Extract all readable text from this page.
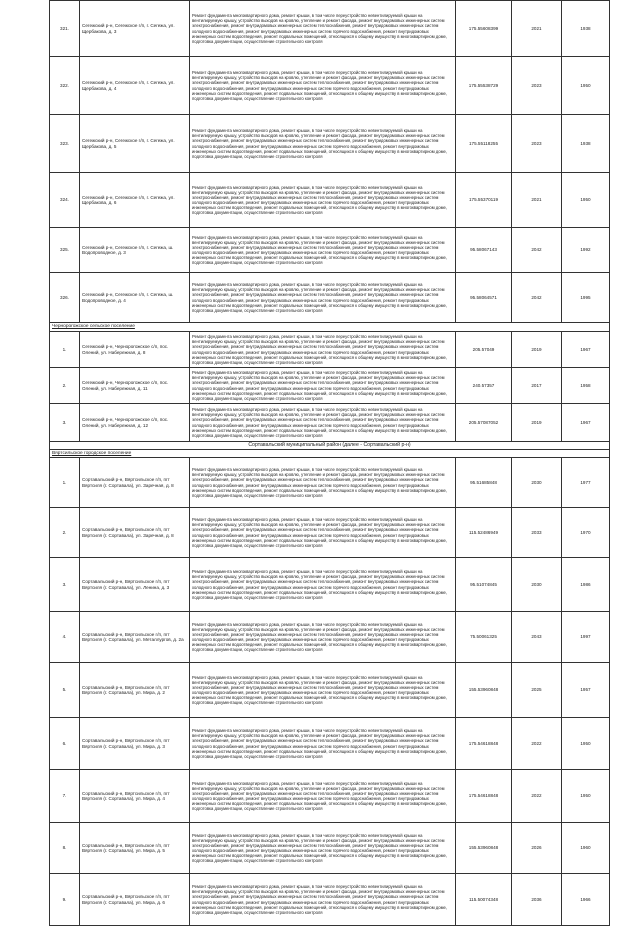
321.	Сегежский р-н, Сегежское г/п, г. Сегежа, ул. Щербакова, д. 3	Ремонт фундамента многоквартирного дома, ремонт крыши, в том числе переустройство невентилируемой крыши на вентилируемую крышу, устройство выходов на кровлю, утепление и ремонт фасада, ремонт внутридомовых инженерных систем электроснабжения, ремонт внутридомовых инженерных систем теплоснабжения, ремонт внутридомовых инженерных систем холодного водоснабжения, ремонт внутридомовых инженерных систем горячего водоснабжения, ремонт внутридомовых инженерных систем водоотведения, ремонт подвальных помещений, относящихся к общему имуществу в многоквартирном доме, подготовка документации, осуществление строительного контроля	175.55608399	2021	1938
322.	Сегежский р-н, Сегежское г/п, г. Сегежа, ул. Щербакова, д. 4	Ремонт фундамента многоквартирного дома, ремонт крыши, в том числе переустройство невентилируемой крыши на вентилируемую крышу, устройство выходов на кровлю, утепление и ремонт фасада, ремонт внутридомовых инженерных систем электроснабжения, ремонт внутридомовых инженерных систем теплоснабжения, ремонт внутридомовых инженерных систем холодного водоснабжения, ремонт внутридомовых инженерных систем горячего водоснабжения, ремонт внутридомовых инженерных систем водоотведения, ремонт подвальных помещений, относящихся к общему имуществу в многоквартирном доме, подготовка документации, осуществление строительного контроля	175.55538729	2023	1950
323.	Сегежский р-н, Сегежское г/п, г. Сегежа, ул. Щербакова, д. 5	Ремонт фундамента многоквартирного дома, ремонт крыши, в том числе переустройство невентилируемой крыши на вентилируемую крышу, устройство выходов на кровлю, утепление и ремонт фасада, ремонт внутридомовых инженерных систем электроснабжения, ремонт внутридомовых инженерных систем теплоснабжения, ремонт внутридомовых инженерных систем холодного водоснабжения, ремонт внутридомовых инженерных систем горячего водоснабжения, ремонт внутридомовых инженерных систем водоотведения, ремонт подвальных помещений, относящихся к общему имуществу в многоквартирном доме, подготовка документации, осуществление строительного контроля	175.55118255	2023	1938
324.	Сегежский р-н, Сегежское г/п, г. Сегежа, ул. Щербакова, д. 6	Ремонт фундамента многоквартирного дома, ремонт крыши, в том числе переустройство невентилируемой крыши на вентилируемую крышу, устройство выходов на кровлю, утепление и ремонт фасада, ремонт внутридомовых инженерных систем электроснабжения, ремонт внутридомовых инженерных систем теплоснабжения, ремонт внутридомовых инженерных систем холодного водоснабжения, ремонт внутридомовых инженерных систем горячего водоснабжения, ремонт внутридомовых инженерных систем водоотведения, ремонт подвальных помещений, относящихся к общему имуществу в многоквартирном доме, подготовка документации, осуществление строительного контроля	175.55370119	2021	1950
325.	Сегежский р-н, Сегежское г/п, г. Сегежа, ш. Водопроводное, д. 3	Ремонт фундамента многоквартирного дома, ремонт крыши, в том числе переустройство невентилируемой крыши на вентилируемую крышу, устройство выходов на кровлю, утепление и ремонт фасада, ремонт внутридомовых инженерных систем электроснабжения, ремонт внутридомовых инженерных систем теплоснабжения, ремонт внутридомовых инженерных систем холодного водоснабжения, ремонт внутридомовых инженерных систем горячего водоснабжения, ремонт внутридомовых инженерных систем водоотведения, ремонт подвальных помещений, относящихся к общему имуществу в многоквартирном доме, подготовка документации, осуществление строительного контроля	95.58067143	2042	1992
326.	Сегежский р-н, Сегежское г/п, г. Сегежа, ш. Водопроводное, д. 4	Ремонт фундамента многоквартирного дома, ремонт крыши, в том числе переустройство невентилируемой крыши на вентилируемую крышу, устройство выходов на кровлю, утепление и ремонт фасада, ремонт внутридомовых инженерных систем электроснабжения, ремонт внутридомовых инженерных систем теплоснабжения, ремонт внутридомовых инженерных систем холодного водоснабжения, ремонт внутридомовых инженерных систем горячего водоснабжения, ремонт внутридомовых инженерных систем водоотведения, ремонт подвальных помещений, относящихся к общему имуществу в многоквартирном доме, подготовка документации, осуществление строительного контроля	95.58064571	2042	1995
Черноporожское сельское поселение					
1.	Сегежский р-н, Черноporожское с/п, пос. Олений, ул. Набережная, д. 8	Ремонт фундамента многоквартирного дома, ремонт крыши, в том числе переустройство невентилируемой крыши на вентилируемую крышу, устройство выходов на кровлю, утепление и ремонт фасада, ремонт внутридомовых инженерных систем электроснабжения, ремонт внутридомовых инженерных систем теплоснабжения, ремонт внутридомовых инженерных систем холодного водоснабжения, ремонт внутридомовых инженерных систем горячего водоснабжения, ремонт внутридомовых инженерных систем водоотведения, ремонт подвальных помещений, относящихся к общему имуществу в многоквартирном доме, подготовка документации, осуществление строительного контроля	205.57049	2019	1967
2.	Сегежский р-н, Черноporожское с/п, пос. Олений, ул. Набережная, д. 11	Ремонт фундамента многоквартирного дома, ремонт крыши, в том числе переустройство невентилируемой крыши на вентилируемую крышу, устройство выходов на кровлю, утепление и ремонт фасада, ремонт внутридомовых инженерных систем электроснабжения, ремонт внутридомовых инженерных систем теплоснабжения, ремонт внутридомовых инженерных систем холодного водоснабжения, ремонт внутридомовых инженерных систем горячего водоснабжения, ремонт внутридомовых инженерных систем водоотведения, ремонт подвальных помещений, относящихся к общему имуществу в многоквартирном доме, подготовка документации, осуществление строительного контроля	240.57357	2017	1958
3.	Сегежский р-н, Черноporожское с/п, пос. Олений, ул. Набережная, д. 12	Ремонт фундамента многоквартирного дома, ремонт крыши, в том числе переустройство невентилируемой крыши на вентилируемую крышу, устройство выходов на кровлю, утепление и ремонт фасада, ремонт внутридомовых инженерных систем электроснабжения, ремонт внутридомовых инженерных систем теплоснабжения, ремонт внутридомовых инженерных систем холодного водоснабжения, ремонт внутридомовых инженерных систем горячего водоснабжения, ремонт внутридомовых инженерных систем водоотведения, ремонт подвальных помещений, относящихся к общему имуществу в многоквартирном доме, подготовка документации, осуществление строительного контроля	205.57087052	2019	1967
Сортавальский муниципальный район (далее - Сортавальский р-н)					
Вяртсильское городское поселение					
1.	Сортавальский р-н, Вяртсильское г/п, пгт Вяртсиля (г. Сортавала), ул. Заречная, д. 8	Ремонт фундамента многоквартирного дома, ремонт крыши, в том числе переустройство невентилируемой крыши на вентилируемую крышу, устройство выходов на кровлю, утепление и ремонт фасада, ремонт внутридомовых инженерных систем электроснабжения, ремонт внутридомовых инженерных систем теплоснабжения, ремонт внутридомовых инженерных систем холодного водоснабжения, ремонт внутридомовых инженерных систем горячего водоснабжения, ремонт внутридомовых инженерных систем водоотведения, ремонт подвальных помещений, относящихся к общему имуществу в многоквартирном доме, подготовка документации, осуществление строительного контроля	95.51685848	2030	1977
2.	Сортавальский р-н, Вяртсильское г/п, пгт Вяртсиля (г. Сортавала), ул. Заречная, д. 8	Ремонт фундамента многоквартирного дома, ремонт крыши, в том числе переустройство невентилируемой крыши на вентилируемую крышу, устройство выходов на кровлю, утепление и ремонт фасада, ремонт внутридомовых инженерных систем электроснабжения, ремонт внутридомовых инженерных систем теплоснабжения, ремонт внутридомовых инженерных систем холодного водоснабжения, ремонт внутридомовых инженерных систем горячего водоснабжения, ремонт внутридомовых инженерных систем водоотведения, ремонт подвальных помещений, относящихся к общему имуществу в многоквартирном доме, подготовка документации, осуществление строительного контроля	115.52486949	2033	1970
3.	Сортавальский р-н, Вяртсильское г/п, пгт Вяртсиля (г. Сортавала), ул. Ленина, д. 3	Ремонт фундамента многоквартирного дома, ремонт крыши, в том числе переустройство невентилируемой крыши на вентилируемую крышу, устройство выходов на кровлю, утепление и ремонт фасада, ремонт внутридомовых инженерных систем электроснабжения, ремонт внутридомовых инженерных систем теплоснабжения, ремонт внутридомовых инженерных систем холодного водоснабжения, ремонт внутридомовых инженерных систем горячего водоснабжения, ремонт внутридомовых инженерных систем водоотведения, ремонт подвальных помещений, относящихся к общему имуществу в многоквартирном доме, подготовка документации, осуществление строительного контроля	95.51074845	2030	1986
4.	Сортавальский р-н, Вяртсильское г/п, пгт Вяртсиля (г. Сортавала), ул. Металлургов, д. 2а	Ремонт фундамента многоквартирного дома, ремонт крыши, в том числе переустройство невентилируемой крыши на вентилируемую крышу, устройство выходов на кровлю, утепление и ремонт фасада, ремонт внутридомовых инженерных систем электроснабжения, ремонт внутридомовых инженерных систем теплоснабжения, ремонт внутридомовых инженерных систем холодного водоснабжения, ремонт внутридомовых инженерных систем горячего водоснабжения, ремонт внутридомовых инженерных систем водоотведения, ремонт подвальных помещений, относящихся к общему имуществу в многоквартирном доме, подготовка документации, осуществление строительного контроля	75.50061325	2043	1997
5.	Сортавальский р-н, Вяртсильское г/п, пгт Вяртсиля (г. Сортавала), ул. Мира, д. 2	Ремонт фундамента многоквартирного дома, ремонт крыши, в том числе переустройство невентилируемой крыши на вентилируемую крышу, устройство выходов на кровлю, утепление и ремонт фасада, ремонт внутридомовых инженерных систем электроснабжения, ремонт внутридомовых инженерных систем теплоснабжения, ремонт внутридомовых инженерных систем холодного водоснабжения, ремонт внутридомовых инженерных систем горячего водоснабжения, ремонт внутридомовых инженерных систем водоотведения, ремонт подвальных помещений, относящихся к общему имуществу в многоквартирном доме, подготовка документации, осуществление строительного контроля	155.53960848	2025	1957
6.	Сортавальский р-н, Вяртсильское г/п, пгт Вяртсиля (г. Сортавала), ул. Мира, д. 3	Ремонт фундамента многоквартирного дома, ремонт крыши, в том числе переустройство невентилируемой крыши на вентилируемую крышу, устройство выходов на кровлю, утепление и ремонт фасада, ремонт внутридомовых инженерных систем электроснабжения, ремонт внутридомовых инженерных систем теплоснабжения, ремонт внутридомовых инженерных систем холодного водоснабжения, ремонт внутридомовых инженерных систем горячего водоснабжения, ремонт внутридомовых инженерных систем водоотведения, ремонт подвальных помещений, относящихся к общему имуществу в многоквартирном доме, подготовка документации, осуществление строительного контроля	175.54618848	2022	1950
7.	Сортавальский р-н, Вяртсильское г/п, пгт Вяртсиля (г. Сортавала), ул. Мира, д. 4	Ремонт фундамента многоквартирного дома, ремонт крыши, в том числе переустройство невентилируемой крыши на вентилируемую крышу, устройство выходов на кровлю, утепление и ремонт фасада, ремонт внутридомовых инженерных систем электроснабжения, ремонт внутридомовых инженерных систем теплоснабжения, ремонт внутридомовых инженерных систем холодного водоснабжения, ремонт внутридомовых инженерных систем горячего водоснабжения, ремонт внутридомовых инженерных систем водоотведения, ремонт подвальных помещений, относящихся к общему имуществу в многоквартирном доме, подготовка документации, осуществление строительного контроля	175.54618848	2022	1950
8.	Сортавальский р-н, Вяртсильское г/п, пгт Вяртсиля (г. Сортавала), ул. Мира, д. 5	Ремонт фундамента многоквартирного дома, ремонт крыши, в том числе переустройство невентилируемой крыши на вентилируемую крышу, устройство выходов на кровлю, утепление и ремонт фасада, ремонт внутридомовых инженерных систем электроснабжения, ремонт внутридомовых инженерных систем теплоснабжения, ремонт внутридомовых инженерных систем холодного водоснабжения, ремонт внутридомовых инженерных систем горячего водоснабжения, ремонт внутридомовых инженерных систем водоотведения, ремонт подвальных помещений, относящихся к общему имуществу в многоквартирном доме, подготовка документации, осуществление строительного контроля	155.53960848	2026	1960
9.	Сортавальский р-н, Вяртсильское г/п, пгт Вяртсиля (г. Сортавала), ул. Мира, д. 6	Ремонт фундамента многоквартирного дома, ремонт крыши, в том числе переустройство невентилируемой крыши на вентилируемую крышу, устройство выходов на кровлю, утепление и ремонт фасада, ремонт внутридомовых инженерных систем электроснабжения, ремонт внутридомовых инженерных систем теплоснабжения, ремонт внутридомовых инженерных систем холодного водоснабжения, ремонт внутридомовых инженерных систем горячего водоснабжения, ремонт внутридомовых инженерных систем водоотведения, ремонт подвальных помещений, относящихся к общему имуществу в многоквартирном доме, подготовка документации, осуществление строительного контроля	115.50074348	2036	1966
